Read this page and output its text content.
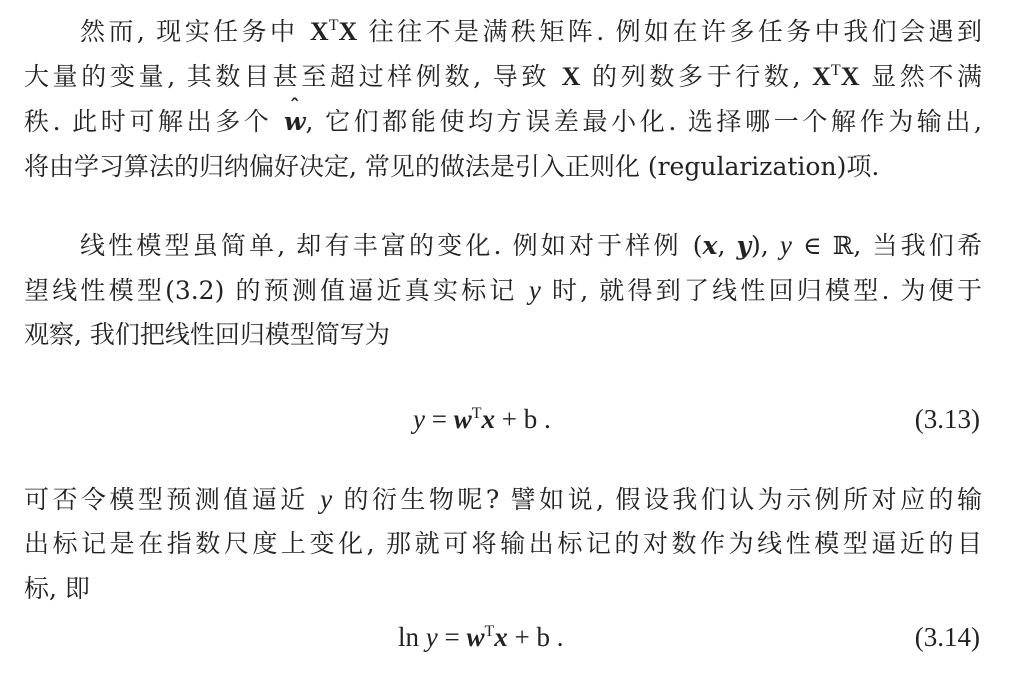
然而, 现实任务中 $X^TX$ 往往不是满秩矩阵. 例如在许多任务中我们会遇到
大量的变量, 其数目甚至超过样例数, 导致 X 的列数多于行数, $X^TX$ 显然不满
秩. 此时可解出多个 ˆ w, 它们都能使均方误差最小化. 选择哪一个解作为输出,
将由学习算法的归纳偏好决定, 常见的做法是引入正则化 (regularization)项.
线性模型虽简单, 却有丰富的变化. 例如对于样例 (x, y), y ∈ ℝ, 当我们希
望线性模型(3.2) 的预测值逼近真实标记 y 时, 就得到了线性回归模型. 为便于
观察, 我们把线性回归模型简写为
$y = w^Tx + b$ .	(3.13)
可否令模型预测值逼近 y 的衍生物呢? 譬如说, 假设我们认为示例所对应的输
出标记是在指数尺度上变化, 那就可将输出标记的对数作为线性模型逼近的目
标, 即
$\ln y = w^Tx + b$ .	(3.14)
